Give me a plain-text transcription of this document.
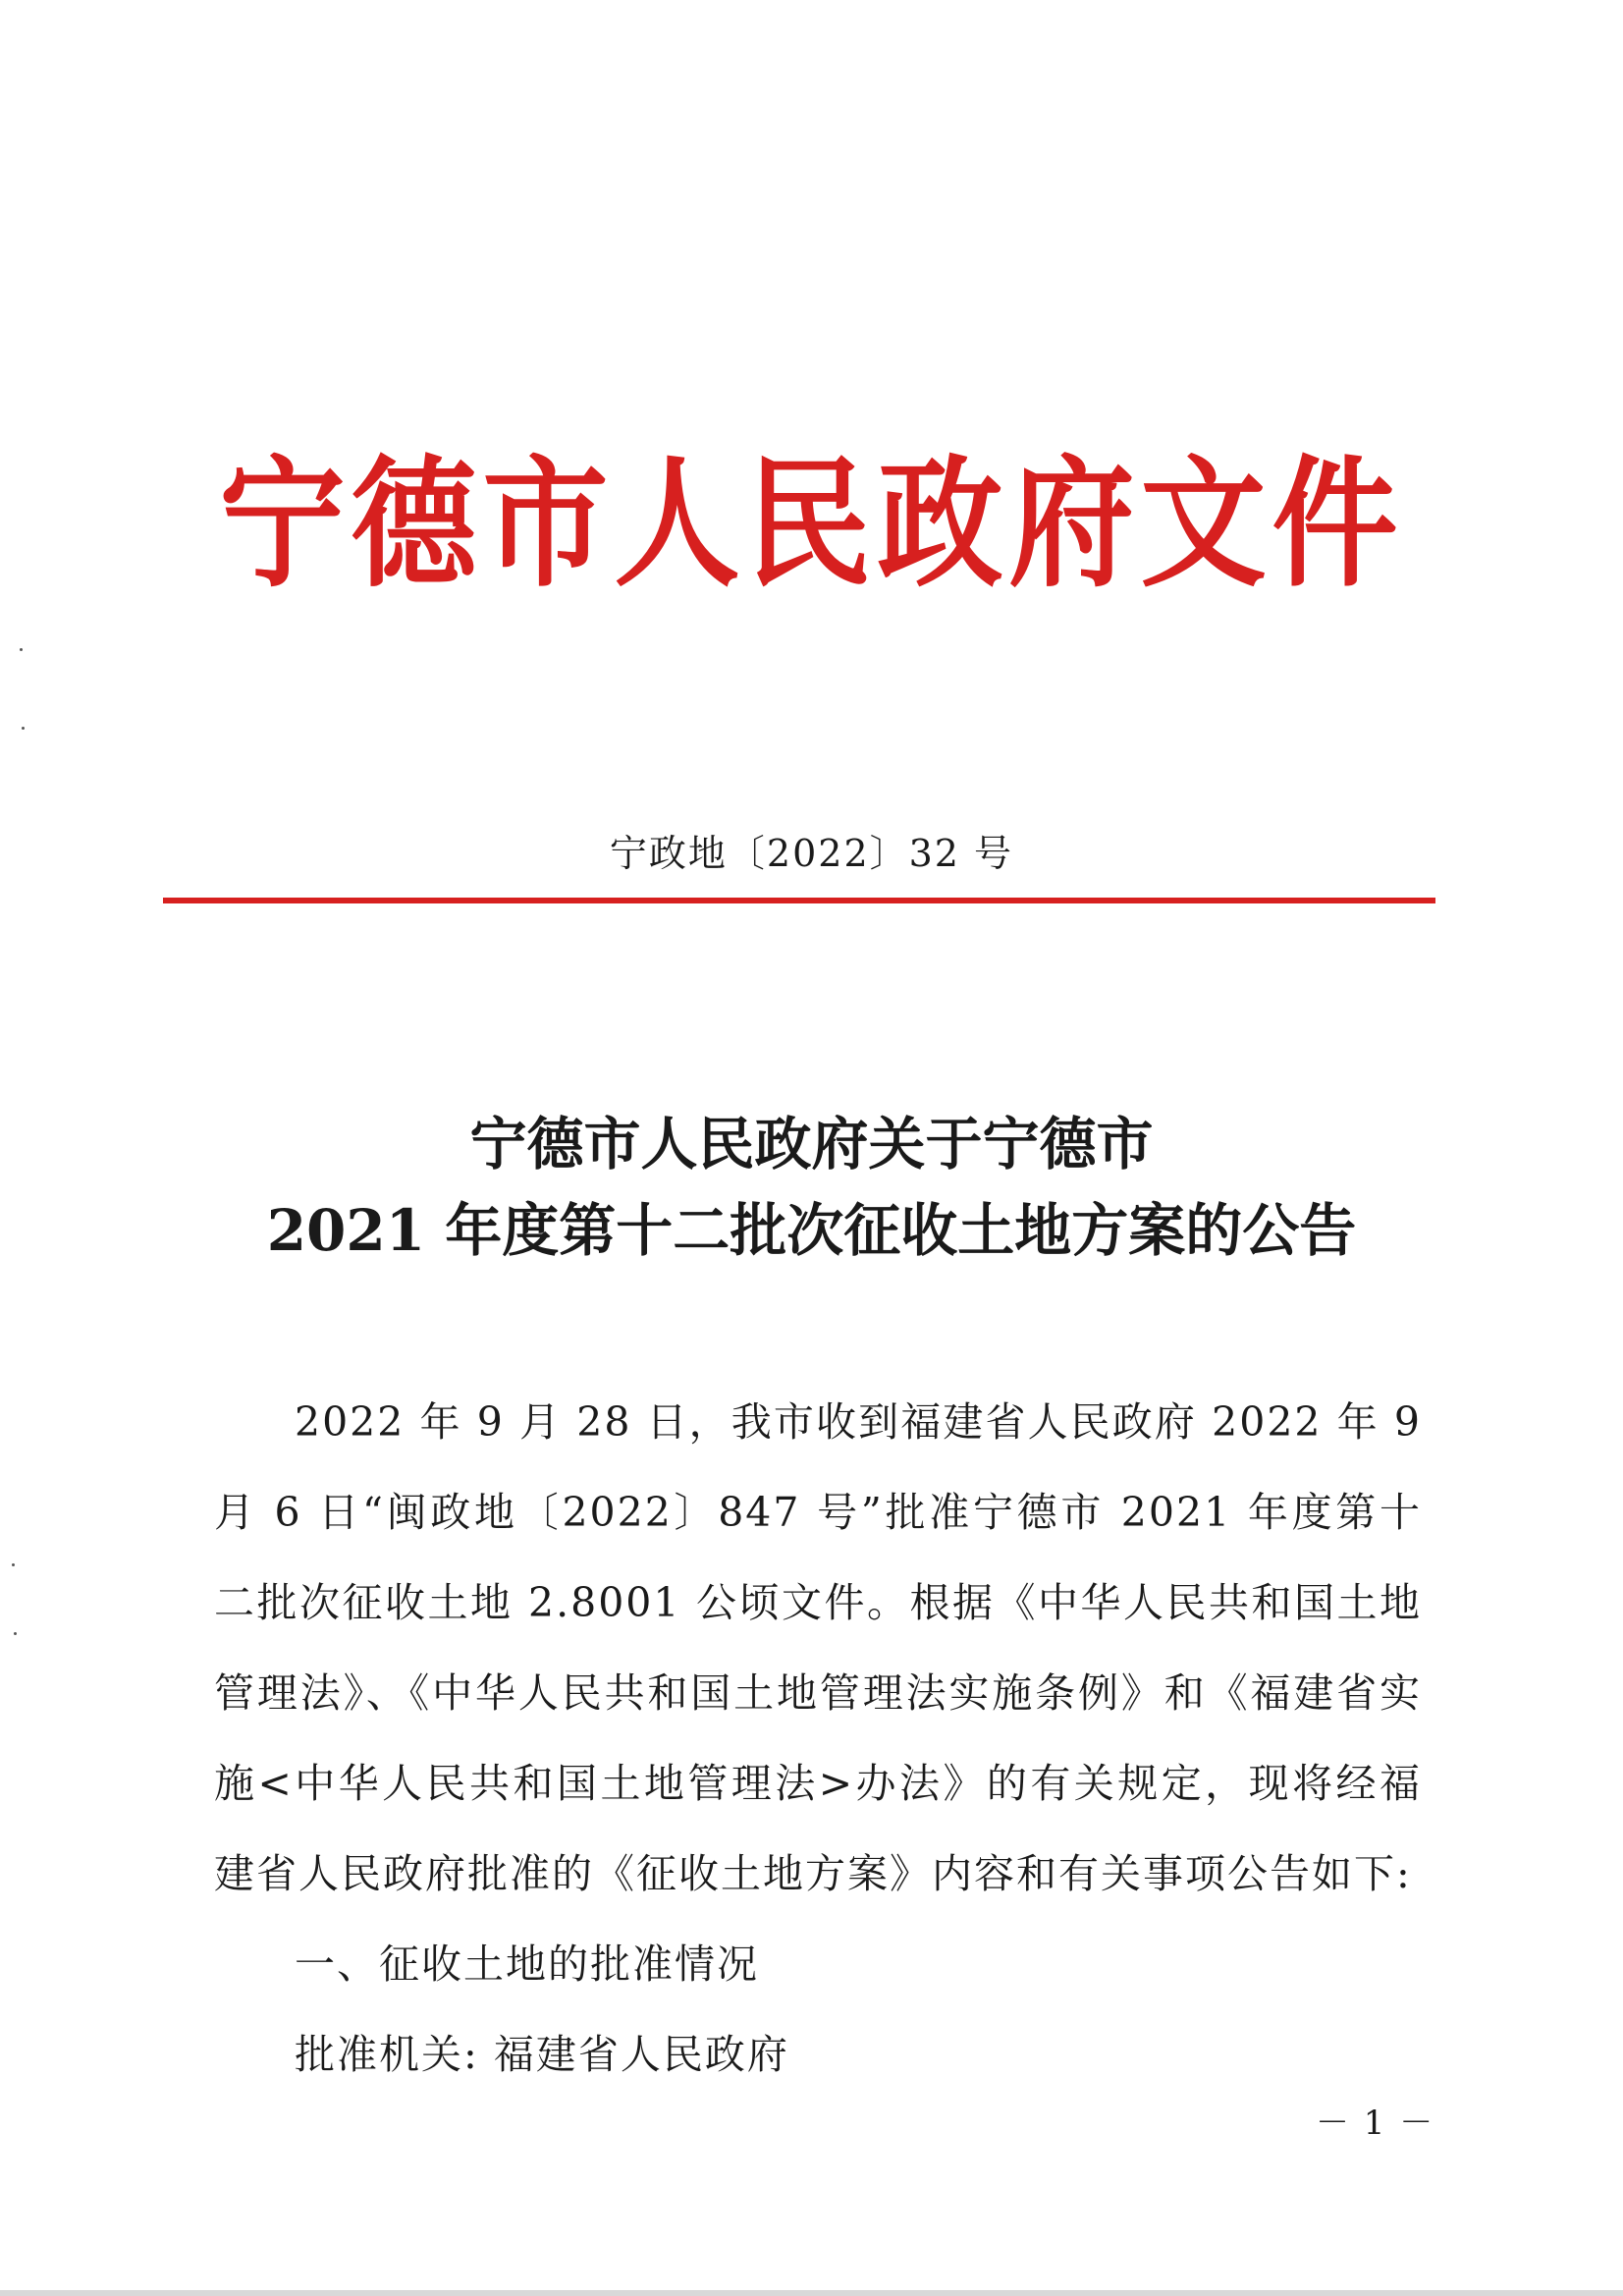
宁德市人民政府文件
宁政地〔2022〕32 号
宁德市人民政府关于宁德市
2021 年度第十二批次征收土地方案的公告

2022 年 9 月 28 日，我市收到福建省人民政府 2022 年 9 月 6 日“闽政地〔2022〕847 号”批准宁德市 2021 年度第十二批次征收土地 2.8001 公顷文件。根据《中华人民共和国土地管理法》、《中华人民共和国土地管理法实施条例》和《福建省实施<中华人民共和国土地管理法>办法》的有关规定，现将经福建省人民政府批准的《征收土地方案》内容和有关事项公告如下:

一、征收土地的批准情况

批准机关: 福建省人民政府

－ 1 －
